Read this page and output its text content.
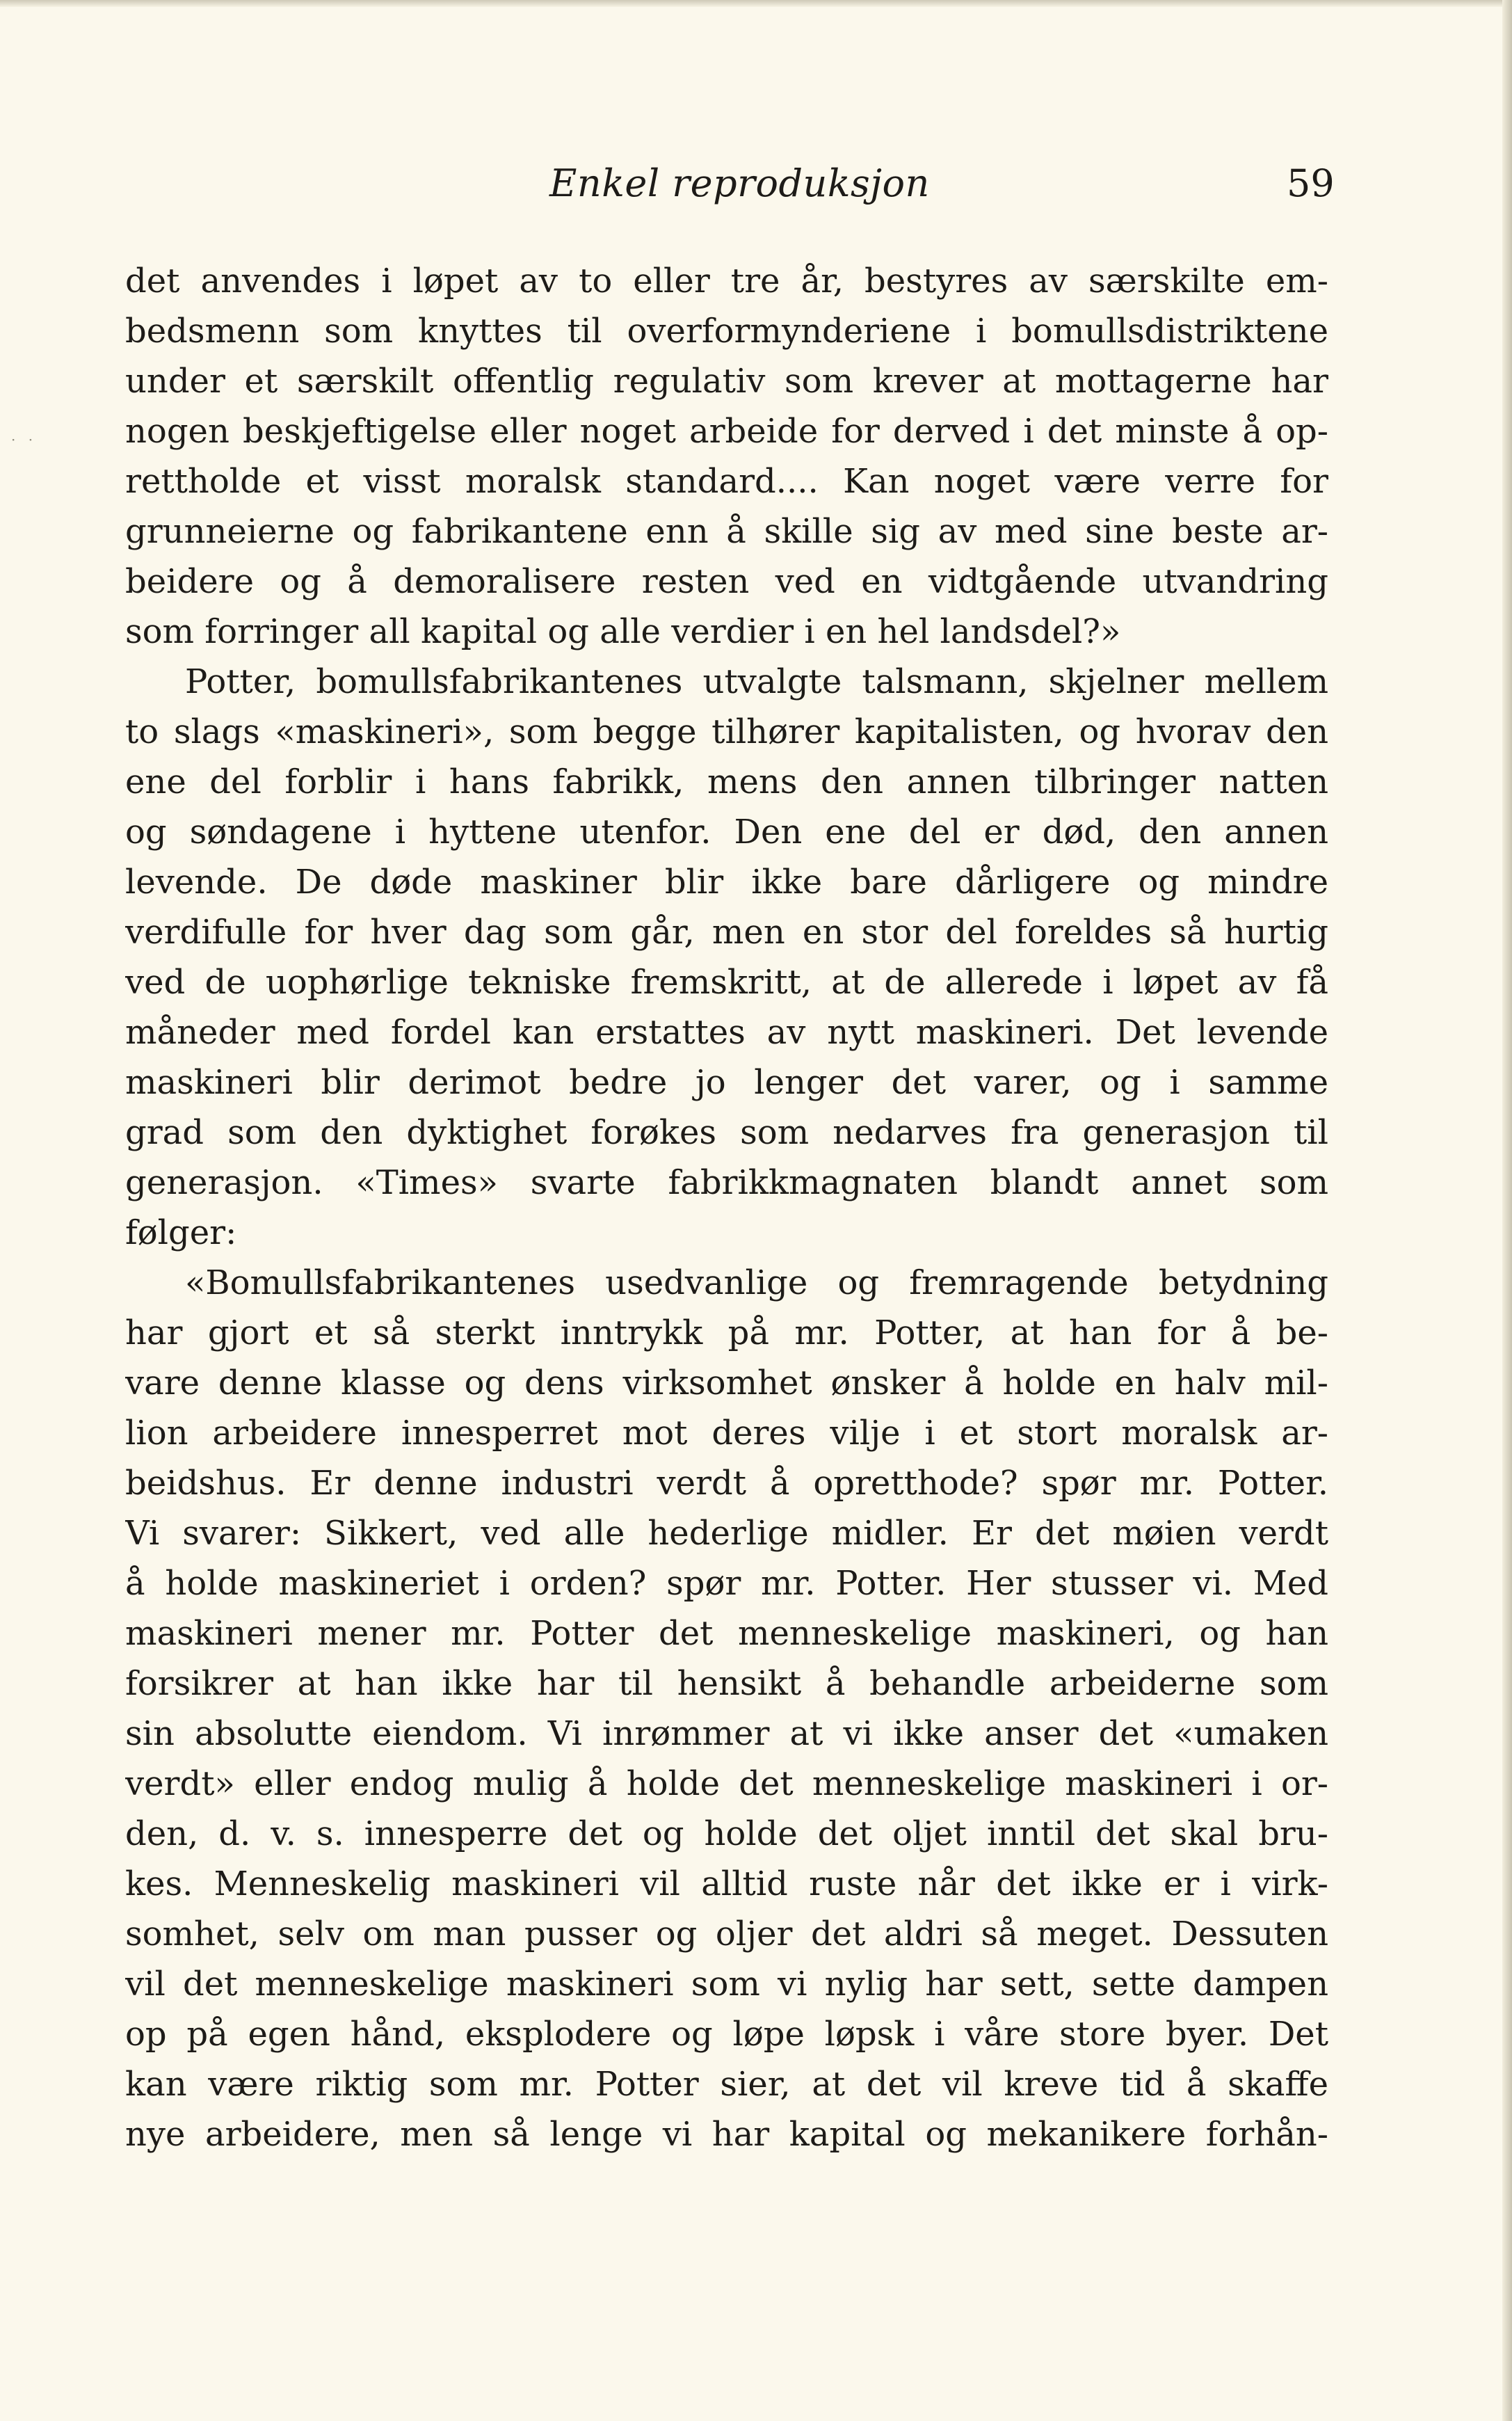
· ·
Enkel reproduksjon	59
det anvendes i løpet av to eller tre år, bestyres av særskilte em-
bedsmenn som knyttes til overformynderiene i bomullsdistriktene
under et særskilt offentlig regulativ som krever at mottagerne har
nogen beskjeftigelse eller noget arbeide for derved i det minste å op-
rettholde et visst moralsk standard.... Kan noget være verre for
grunneierne og fabrikantene enn å skille sig av med sine beste ar-
beidere og å demoralisere resten ved en vidtgående utvandring
som forringer all kapital og alle verdier i en hel landsdel?»
Potter, bomullsfabrikantenes utvalgte talsmann, skjelner mellem
to slags «maskineri», som begge tilhører kapitalisten, og hvorav den
ene del forblir i hans fabrikk, mens den annen tilbringer natten
og søndagene i hyttene utenfor. Den ene del er død, den annen
levende. De døde maskiner blir ikke bare dårligere og mindre
verdifulle for hver dag som går, men en stor del foreldes så hurtig
ved de uophørlige tekniske fremskritt, at de allerede i løpet av få
måneder med fordel kan erstattes av nytt maskineri. Det levende
maskineri blir derimot bedre jo lenger det varer, og i samme
grad som den dyktighet forøkes som nedarves fra generasjon til
generasjon. «Times» svarte fabrikkmagnaten blandt annet som
følger:
«Bomullsfabrikantenes usedvanlige og fremragende betydning
har gjort et så sterkt inntrykk på mr. Potter, at han for å be-
vare denne klasse og dens virksomhet ønsker å holde en halv mil-
lion arbeidere innesperret mot deres vilje i et stort moralsk ar-
beidshus. Er denne industri verdt å opretthode? spør mr. Potter.
Vi svarer: Sikkert, ved alle hederlige midler. Er det møien verdt
å holde maskineriet i orden? spør mr. Potter. Her stusser vi. Med
maskineri mener mr. Potter det menneskelige maskineri, og han
forsikrer at han ikke har til hensikt å behandle arbeiderne som
sin absolutte eiendom. Vi inrømmer at vi ikke anser det «umaken
verdt» eller endog mulig å holde det menneskelige maskineri i or-
den, d. v. s. innesperre det og holde det oljet inntil det skal bru-
kes. Menneskelig maskineri vil alltid ruste når det ikke er i virk-
somhet, selv om man pusser og oljer det aldri så meget. Dessuten
vil det menneskelige maskineri som vi nylig har sett, sette dampen
op på egen hånd, eksplodere og løpe løpsk i våre store byer. Det
kan være riktig som mr. Potter sier, at det vil kreve tid å skaffe
nye arbeidere, men så lenge vi har kapital og mekanikere forhån-
